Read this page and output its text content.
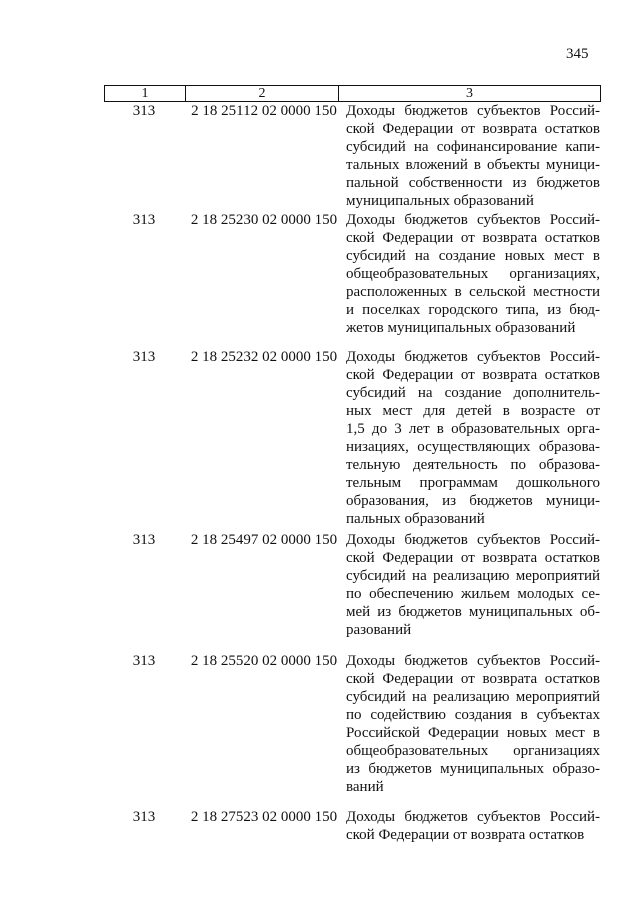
345
1	2	3
313	2 18 25112 02 0000 150 Доходы бюджетов субъектов Россий-
ской Федерации от возврата остатков
субсидий на софинансирование капи-
тальных вложений в объекты муници-
пальной собственности из бюджетов
муниципальных образований
313	2 18 25230 02 0000 150 Доходы бюджетов субъектов Россий-
ской Федерации от возврата остатков
субсидий на создание новых мест в
общеобразовательных организациях,
расположенных в сельской местности
и поселках городского типа, из бюд-
жетов муниципальных образований
313	2 18 25232 02 0000 150 Доходы бюджетов субъектов Россий-
ской Федерации от возврата остатков
субсидий на создание дополнитель-
ных мест для детей в возрасте от
1,5 до 3 лет в образовательных орга-
низациях, осуществляющих образова-
тельную деятельность по образова-
тельным программам дошкольного
образования, из бюджетов муници-
пальных образований
313	2 18 25497 02 0000 150 Доходы бюджетов субъектов Россий-
ской Федерации от возврата остатков
субсидий на реализацию мероприятий
по обеспечению жильем молодых се-
мей из бюджетов муниципальных об-
разований
313	2 18 25520 02 0000 150 Доходы бюджетов субъектов Россий-
ской Федерации от возврата остатков
субсидий на реализацию мероприятий
по содействию создания в субъектах
Российской Федерации новых мест в
общеобразовательных организациях
из бюджетов муниципальных образо-
ваний
313	2 18 27523 02 0000 150 Доходы бюджетов субъектов Россий-
ской Федерации от возврата остатков
